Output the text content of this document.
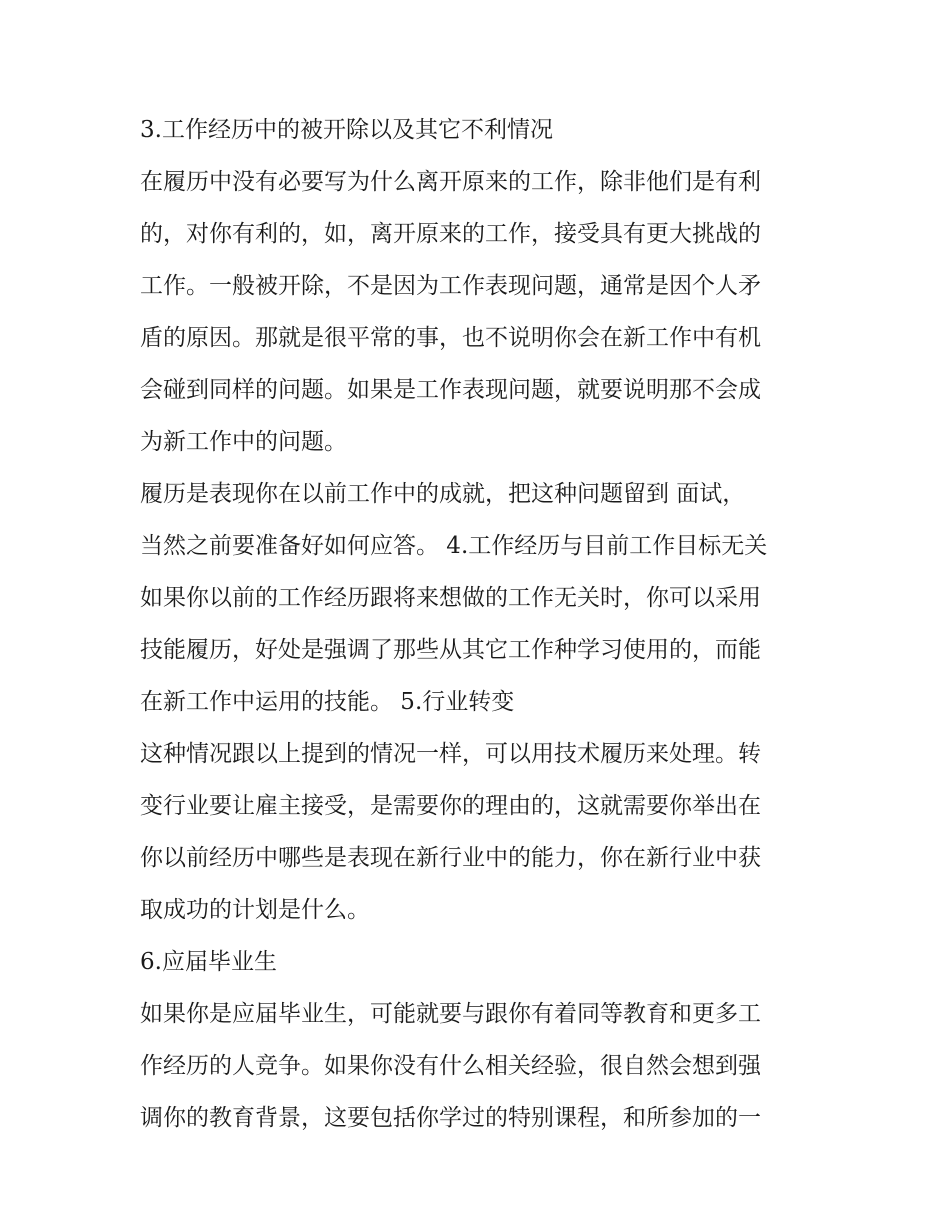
3.工作经历中的被开除以及其它不利情况
在履历中没有必要写为什么离开原来的工作，除非他们是有利
的，对你有利的，如，离开原来的工作，接受具有更大挑战的
工作。一般被开除，不是因为工作表现问题，通常是因个人矛
盾的原因。那就是很平常的事，也不说明你会在新工作中有机
会碰到同样的问题。如果是工作表现问题，就要说明那不会成
为新工作中的问题。
履历是表现你在以前工作中的成就，把这种问题留到 面试，
当然之前要准备好如何应答。 4.工作经历与目前工作目标无关
如果你以前的工作经历跟将来想做的工作无关时，你可以采用
技能履历，好处是强调了那些从其它工作种学习使用的，而能
在新工作中运用的技能。 5.行业转变
这种情况跟以上提到的情况一样，可以用技术履历来处理。转
变行业要让雇主接受，是需要你的理由的，这就需要你举出在
你以前经历中哪些是表现在新行业中的能力，你在新行业中获
取成功的计划是什么。
6.应届毕业生
如果你是应届毕业生，可能就要与跟你有着同等教育和更多工
作经历的人竞争。如果你没有什么相关经验，很自然会想到强
调你的教育背景，这要包括你学过的特别课程，和所参加的一
